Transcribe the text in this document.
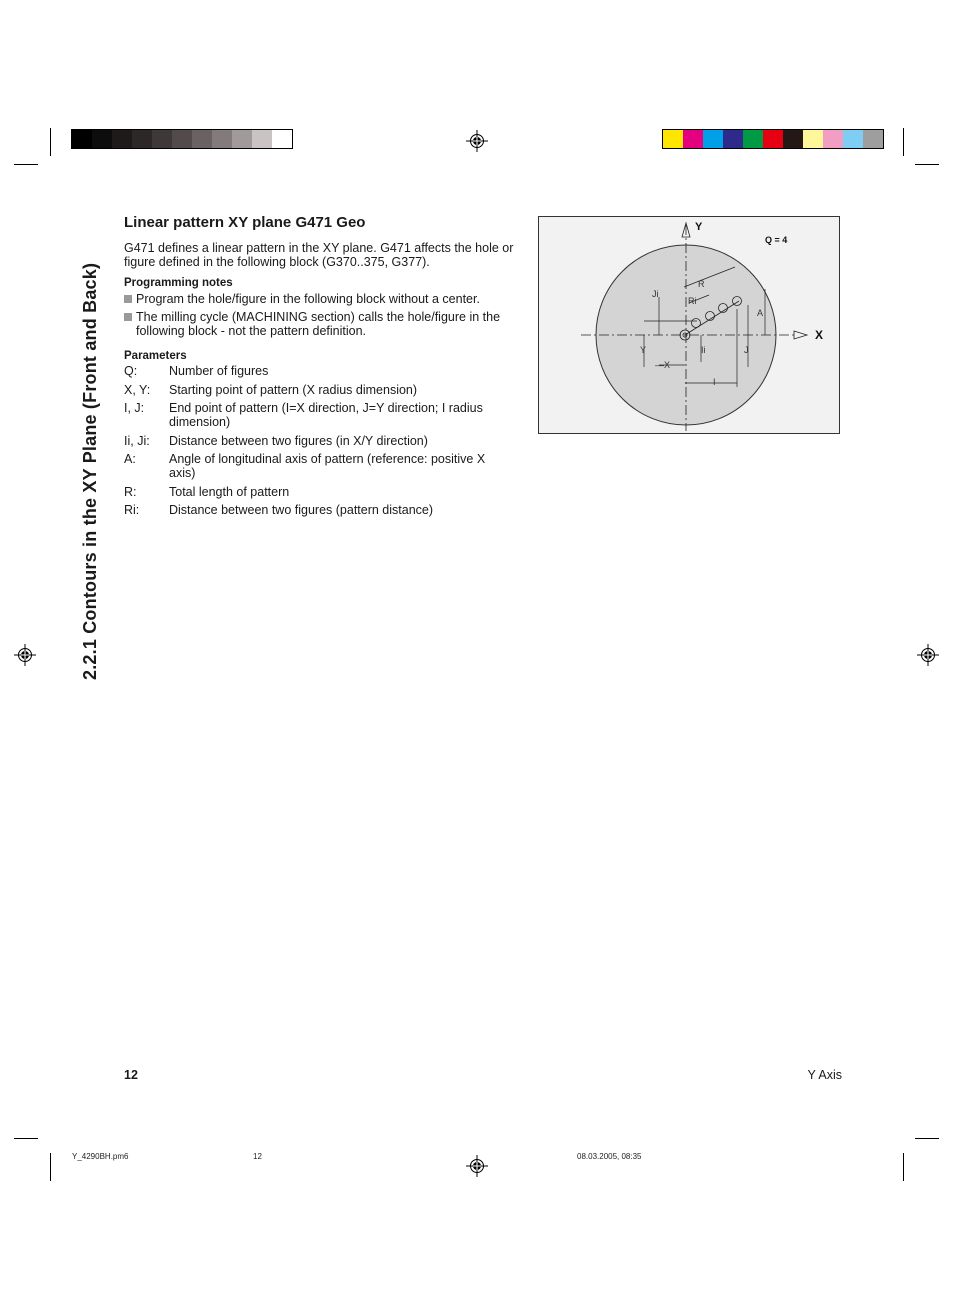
2.2.1 Contours in the XY Plane (Front and Back)
Linear pattern XY plane G471 Geo
G471 defines a linear pattern in the XY plane. G471 affects the hole or figure defined in the following block (G370..375, G377).
Programming notes
Program the hole/figure in the following block without a center.
The milling cycle (MACHINING section) calls the hole/figure in the following block - not the pattern definition.
Parameters
Q:	Number of figures
X, Y:	Starting point of pattern (X radius dimension)
I, J:	End point of pattern (I=X direction, J=Y direction; I radius dimension)
Ii, Ji:	Distance between two figures (in X/Y direction)
A:	Angle of longitudinal axis of pattern (reference: positive X axis)
R:	Total length of pattern
Ri:	Distance between two figures (pattern distance)
Y
X
Q = 4
Ji
R
Ri
A
Y	Ii	J
—X
I
12	Y Axis
Y_4290BH.pm6	12	08.03.2005, 08:35
